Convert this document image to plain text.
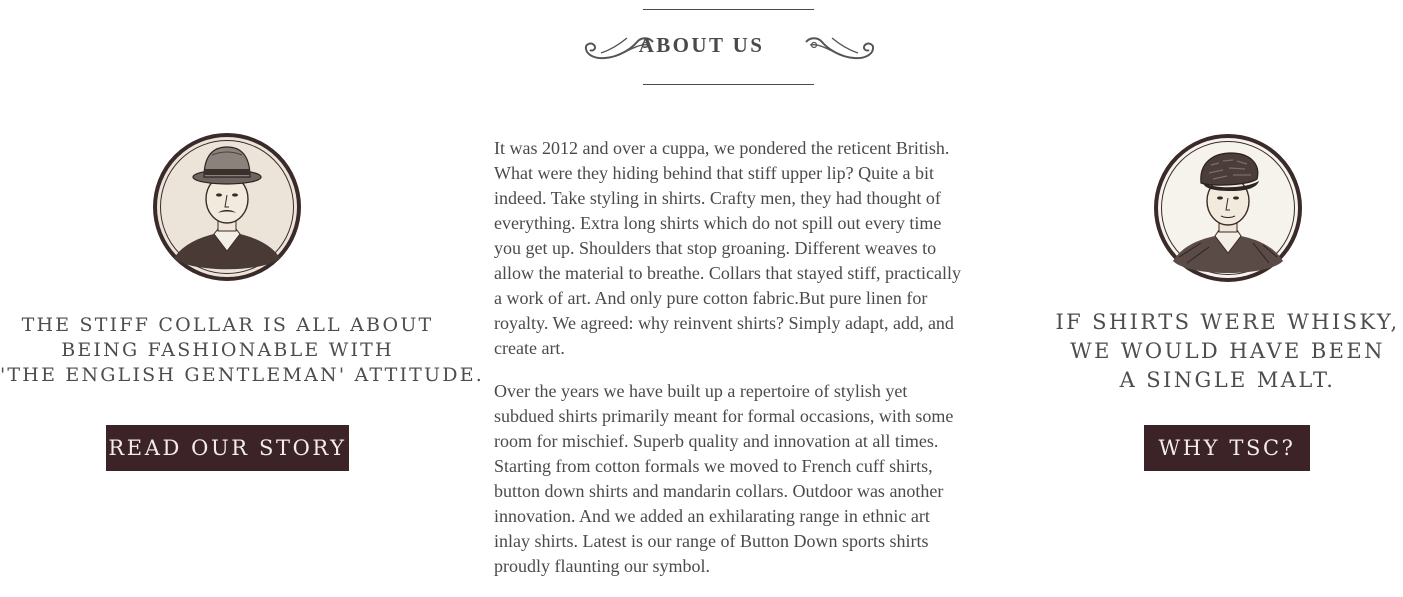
ABOUT US
THE STIFF COLLAR IS ALL ABOUT
BEING FASHIONABLE WITH
'THE ENGLISH GENTLEMAN' ATTITUDE.
READ OUR STORY

It was 2012 and over a cuppa, we pondered the reticent British. What were they hiding behind that stiff upper lip? Quite a bit indeed. Take styling in shirts. Crafty men, they had thought of everything. Extra long shirts which do not spill out every time you get up. Shoulders that stop groaning. Different weaves to allow the material to breathe. Collars that stayed stiff, practically a work of art. And only pure cotton fabric.But pure linen for royalty. We agreed: why reinvent shirts? Simply adapt, add, and create art.

Over the years we have built up a repertoire of stylish yet subdued shirts primarily meant for formal occasions, with some room for mischief. Superb quality and innovation at all times. Starting from cotton formals we moved to French cuff shirts, button down shirts and mandarin collars. Outdoor was another innovation. And we added an exhilarating range in ethnic art inlay shirts. Latest is our range of Button Down sports shirts proudly flaunting our symbol.

IF SHIRTS WERE WHISKY,
WE WOULD HAVE BEEN
A SINGLE MALT.
WHY TSC?
